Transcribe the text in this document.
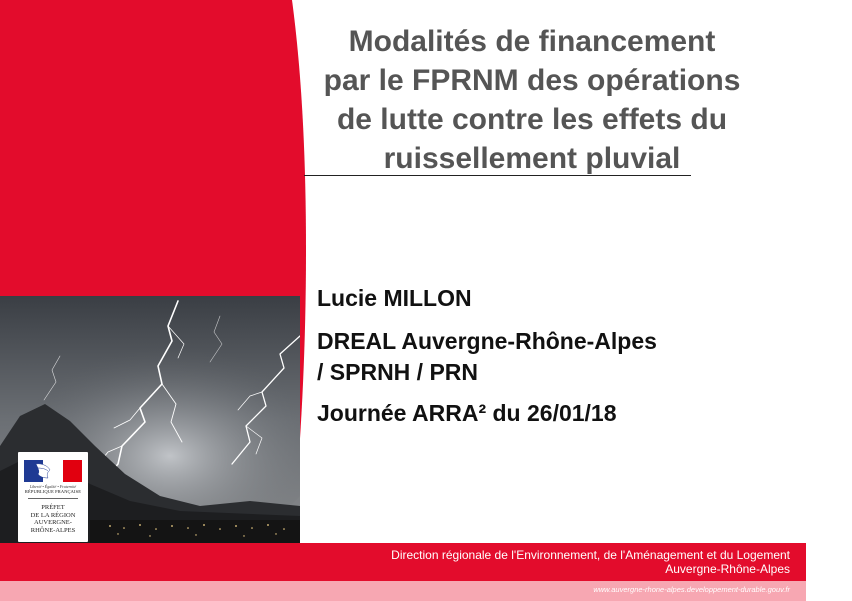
Modalités de financement
par le FPRNM des opérations
de lutte contre les effets du
ruissellement pluvial
Lucie MILLON
DREAL Auvergne-Rhône-Alpes / SPRNH / PRN
Journée ARRA² du 26/01/18
Liberté • Égalité • Fraternité
RÉPUBLIQUE FRANÇAISE
PRÉFET
DE LA RÉGION
AUVERGNE-
RHÔNE-ALPES
Direction régionale de l'Environnement, de l'Aménagement et du Logement
Auvergne-Rhône-Alpes
www.auvergne-rhone-alpes.developpement-durable.gouv.fr
